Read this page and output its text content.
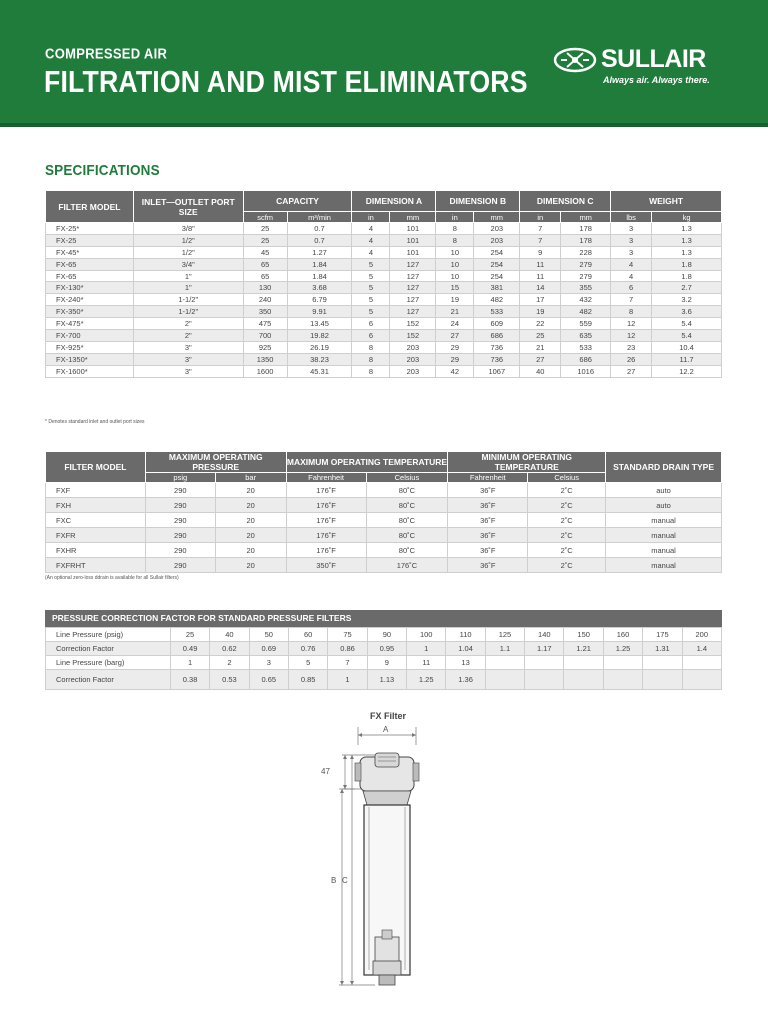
COMPRESSED AIR
FILTRATION AND MIST ELIMINATORS
SULLAIR
Always air. Always there.
SPECIFICATIONS
FILTER MODEL	INLET—OUTLET PORT SIZE	CAPACITY		DIMENSION A		DIMENSION B		DIMENSION C		WEIGHT	
		scfm	m³/min	in	mm	in	mm	in	mm	lbs	kg
FX-25*	3/8"	25	0.7	4	101	8	203	7	178	3	1.3
FX-25	1/2"	25	0.7	4	101	8	203	7	178	3	1.3
FX-45*	1/2"	45	1.27	4	101	10	254	9	228	3	1.3
FX-65	3/4"	65	1.84	5	127	10	254	11	279	4	1.8
FX-65	1"	65	1.84	5	127	10	254	11	279	4	1.8
FX-130*	1"	130	3.68	5	127	15	381	14	355	6	2.7
FX-240*	1-1/2"	240	6.79	5	127	19	482	17	432	7	3.2
FX-350*	1-1/2"	350	9.91	5	127	21	533	19	482	8	3.6
FX-475*	2"	475	13.45	6	152	24	609	22	559	12	5.4
FX-700	2"	700	19.82	6	152	27	686	25	635	12	5.4
FX-925*	3"	925	26.19	8	203	29	736	21	533	23	10.4
FX-1350*	3"	1350	38.23	8	203	29	736	27	686	26	11.7
FX-1600*	3"	1600	45.31	8	203	42	1067	40	1016	27	12.2
* Denotes standard inlet and outlet port sizes
FILTER MODEL	MAXIMUM OPERATING PRESSURE		MAXIMUM OPERATING TEMPERATURE		MINIMUM OPERATING TEMPERATURE		STANDARD DRAIN TYPE
	psig	bar	Fahrenheit	Celsius	Fahrenheit	Celsius	
FXF	290	20	176˚F	80˚C	36˚F	2˚C	auto
FXH	290	20	176˚F	80˚C	36˚F	2˚C	auto
FXC	290	20	176˚F	80˚C	36˚F	2˚C	manual
FXFR	290	20	176˚F	80˚C	36˚F	2˚C	manual
FXHR	290	20	176˚F	80˚C	36˚F	2˚C	manual
FXFRHT	290	20	350˚F	176˚C	36˚F	2˚C	manual
(An optional zero-loss ddrain is available for all Sullair filters)
PRESSURE CORRECTION FACTOR FOR STANDARD PRESSURE FILTERS
Line Pressure (psig)	25	40	50	60	75	90	100	110	125	140	150	160	175	200
Correction Factor	0.49	0.62	0.69	0.76	0.86	0.95	1	1.04	1.1	1.17	1.21	1.25	1.31	1.4
Line Pressure (barg)	1	2	3	5	7	9	11	13						
Correction Factor	0.38	0.53	0.65	0.85	1	1.13	1.25	1.36						
FX Filter
A
47
B C
